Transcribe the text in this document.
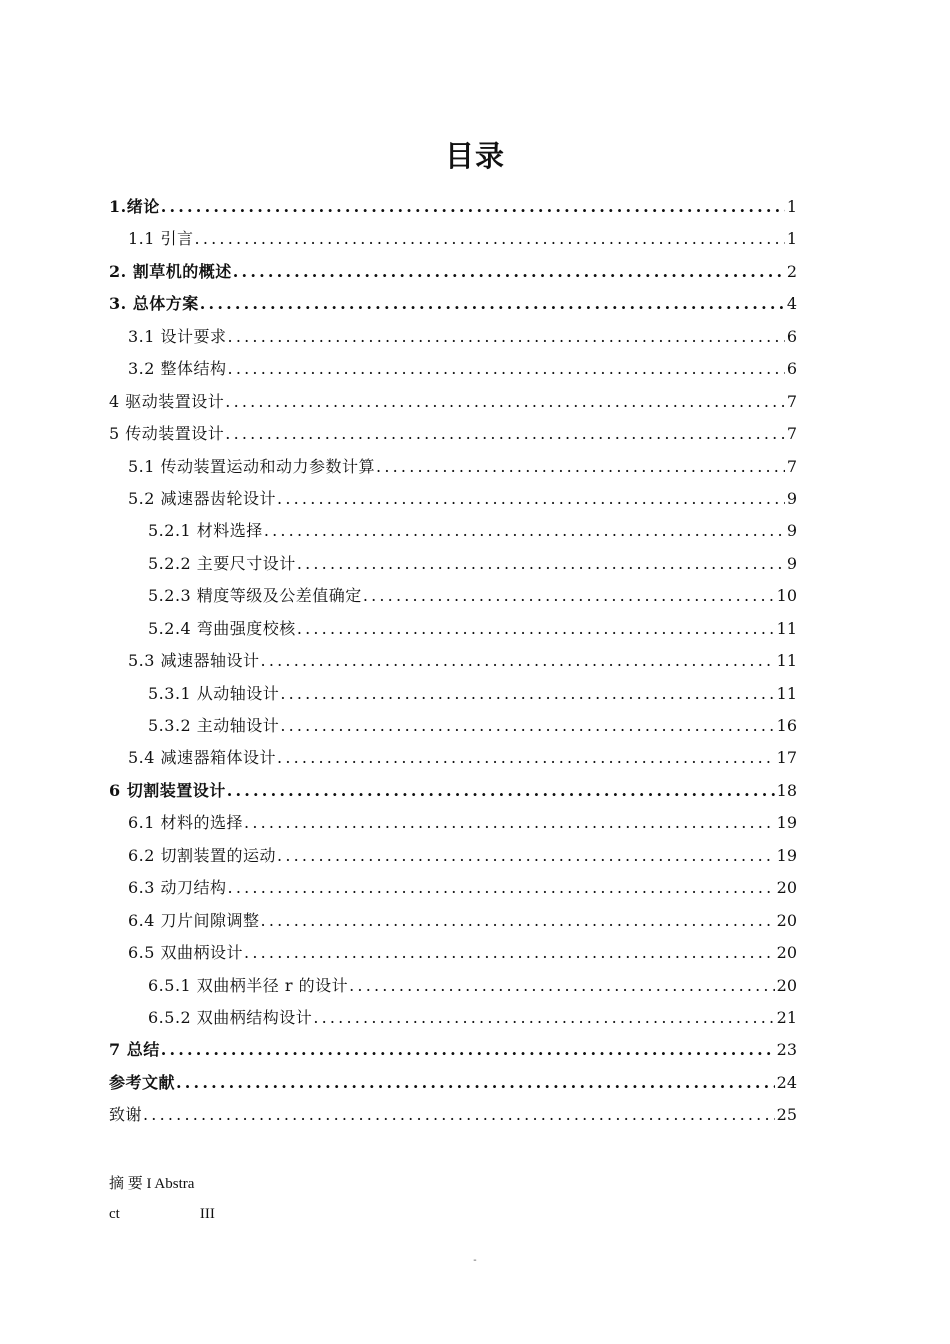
目录
1.绪论 .....	1
1.1 引言 .....	1
2. 割草机的概述 .....	2
3. 总体方案 .....	4
3.1 设计要求 .....	6
3.2 整体结构 .....	6
4 驱动装置设计 .....	7
5 传动装置设计 .....	7
5.1 传动装置运动和动力参数计算 .....	7
5.2 减速器齿轮设计 .....	9
5.2.1 材料选择 .....	9
5.2.2 主要尺寸设计 .....	9
5.2.3 精度等级及公差值确定 .....	10
5.2.4 弯曲强度校核 .....	11
5.3 减速器轴设计 .....	11
5.3.1 从动轴设计 .....	11
5.3.2 主动轴设计 .....	16
5.4 减速器箱体设计 .....	17
6 切割装置设计 .....	18
6.1 材料的选择 .....	19
6.2 切割装置的运动 .....	19
6.3 动刀结构 .....	20
6.4 刀片间隙调整 .....	20
6.5 双曲柄设计 .....	20
6.5.1 双曲柄半径 r 的设计 .....	20
6.5.2 双曲柄结构设计 .....	21
7 总结 .....	23
参考文献 .....	24
致谢 .....	25
摘 要 I Abstra
ct	III
-
